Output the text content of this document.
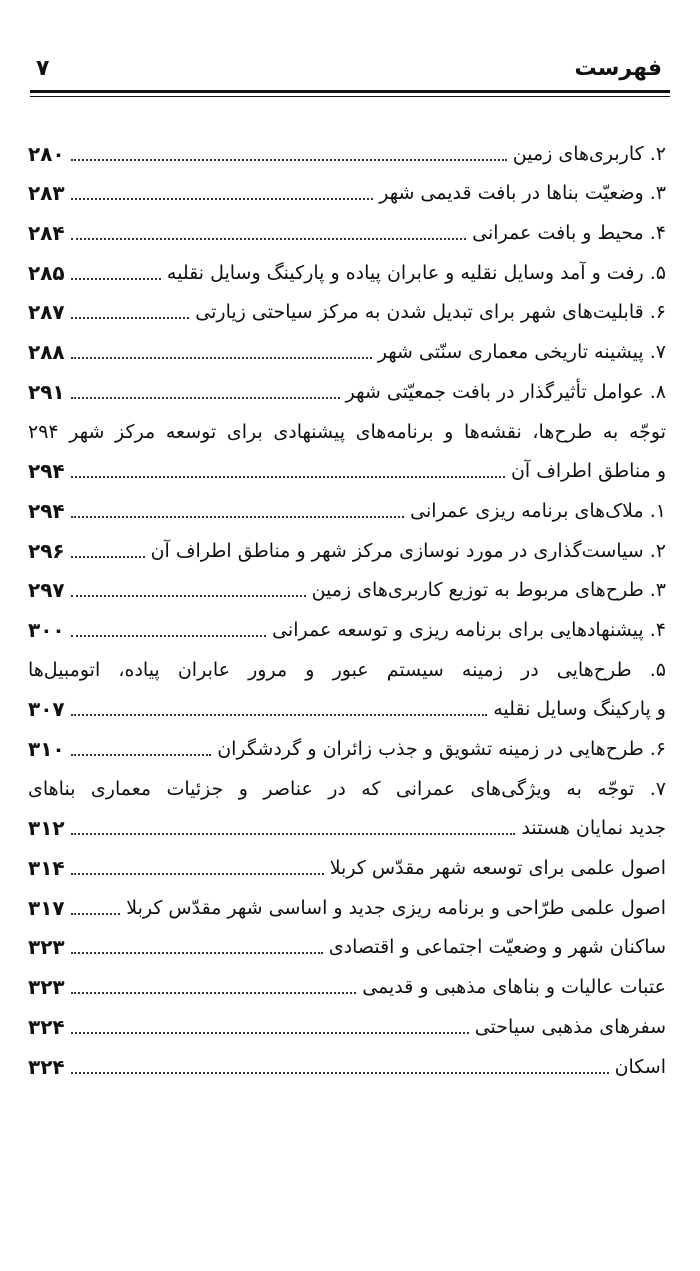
فهرست
۷
۲. کاربری‌های زمین
۲۸۰
۳. وضعیّت بناها در بافت قدیمی شهر
۲۸۳
۴. محیط و بافت عمرانی
۲۸۴
۵. رفت و آمد وسایل نقلیه و عابران پیاده و پارکینگ وسایل نقلیه
۲۸۵
۶. قابلیت‌های شهر برای تبدیل شدن به مرکز سیاحتی زیارتی
۲۸۷
۷. پیشینه تاریخی معماری سنّتی شهر
۲۸۸
۸. عوامل تأثیرگذار در بافت جمعیّتی شهر
۲۹۱
توجّه به طرح‌ها، نقشه‌ها و برنامه‌های پیشنهادی برای توسعه مرکز شهر ۲۹۴
و مناطق اطراف آن
۲۹۴
۱. ملاک‌های برنامه ریزی عمرانی
۲۹۴
۲. سیاست‌گذاری در مورد نوسازی مرکز شهر و مناطق اطراف آن
۲۹۶
۳. طرح‌های مربوط به توزیع کاربری‌های زمین
۲۹۷
۴. پیشنهادهایی برای برنامه ریزی و توسعه عمرانی
۳۰۰
۵. طرح‌هایی در زمینه سیستم عبور و مرور عابران پیاده، اتومبیل‌ها
و پارکینگ وسایل نقلیه
۳۰۷
۶. طرح‌هایی در زمینه تشویق و جذب زائران و گردشگران
۳۱۰
۷. توجّه به ویژگی‌های عمرانی که در عناصر و جزئیات معماری بناهای
جدید نمایان هستند
۳۱۲
اصول علمی برای توسعه شهر مقدّس کربلا
۳۱۴
اصول علمی طرّاحی و برنامه ریزی جدید و اساسی شهر مقدّس کربلا
۳۱۷
ساکنان شهر و وضعیّت اجتماعی و اقتصادی
۳۲۳
عتبات عالیات و بناهای مذهبی و قدیمی
۳۲۳
سفرهای مذهبی سیاحتی
۳۲۴
اسکان
۳۲۴
